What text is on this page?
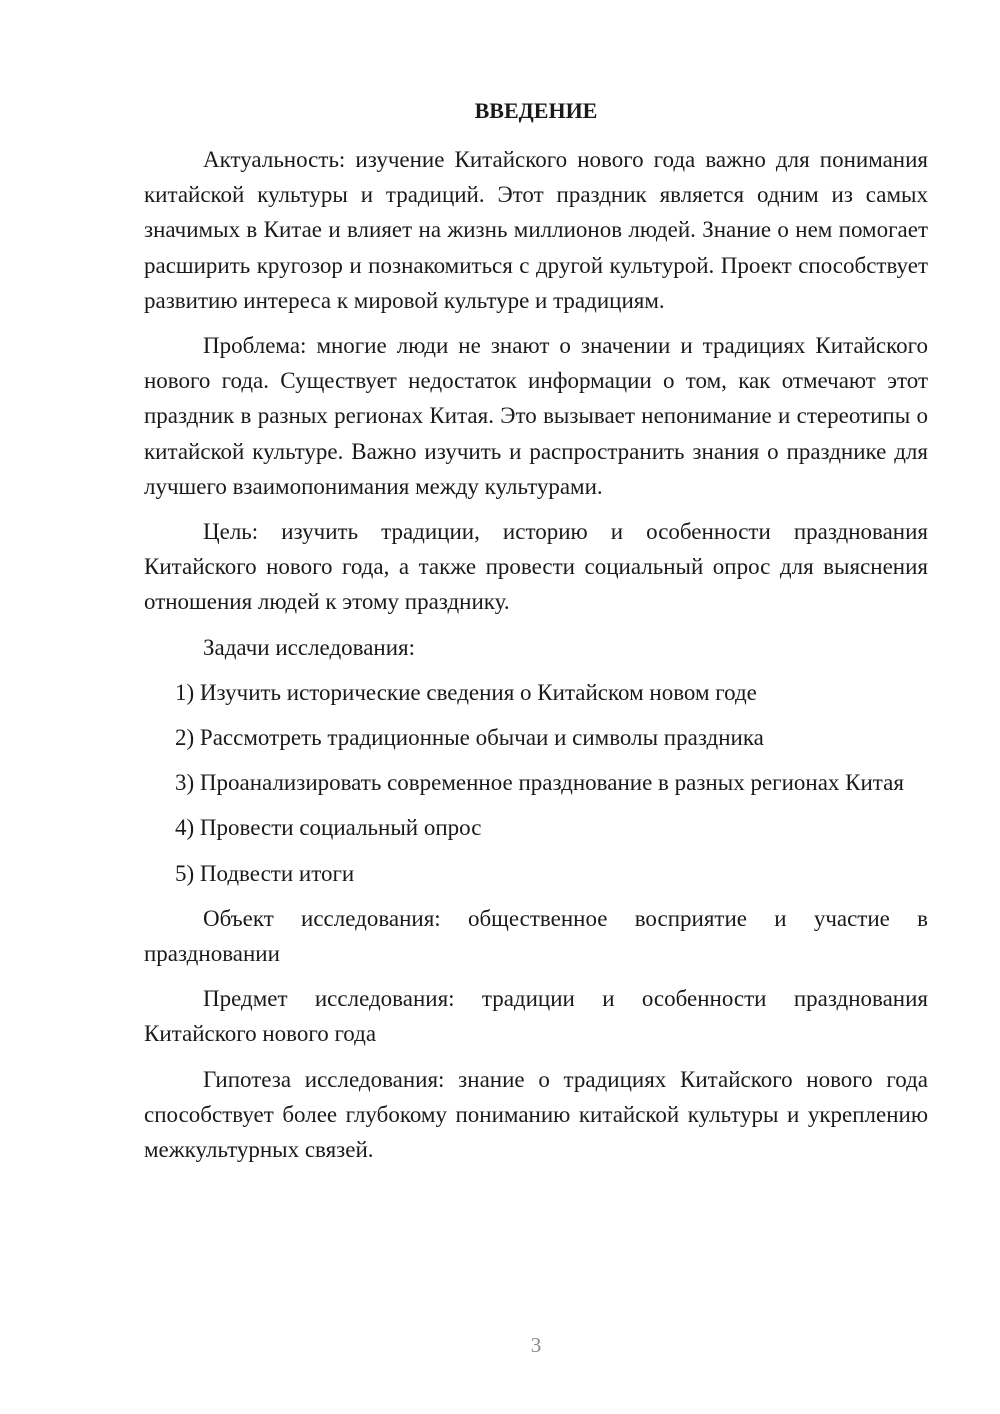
ВВЕДЕНИЕ

Актуальность: изучение Китайского нового года важно для понимания китайской культуры и традиций. Этот праздник является одним из самых значимых в Китае и влияет на жизнь миллионов людей. Знание о нем помогает расширить кругозор и познакомиться с другой культурой. Проект способствует развитию интереса к мировой культуре и традициям.

Проблема: многие люди не знают о значении и традициях Китайского нового года. Существует недостаток информации о том, как отмечают этот праздник в разных регионах Китая. Это вызывает непонимание и стереотипы о китайской культуре. Важно изучить и распространить знания о празднике для лучшего взаимопонимания между культурами.

Цель: изучить традиции, историю и особенности празднования Китайского нового года, а также провести социальный опрос для выяснения отношения людей к этому празднику.

Задачи исследования:

1) Изучить исторические сведения о Китайском новом годе

2) Рассмотреть традиционные обычаи и символы праздника

3) Проанализировать современное празднование в разных регионах Китая

4) Провести социальный опрос

5) Подвести итоги

Объект исследования: общественное восприятие и участие в праздновании

Предмет исследования: традиции и особенности празднования Китайского нового года

Гипотеза исследования: знание о традициях Китайского нового года способствует более глубокому пониманию китайской культуры и укреплению межкультурных связей.

3
